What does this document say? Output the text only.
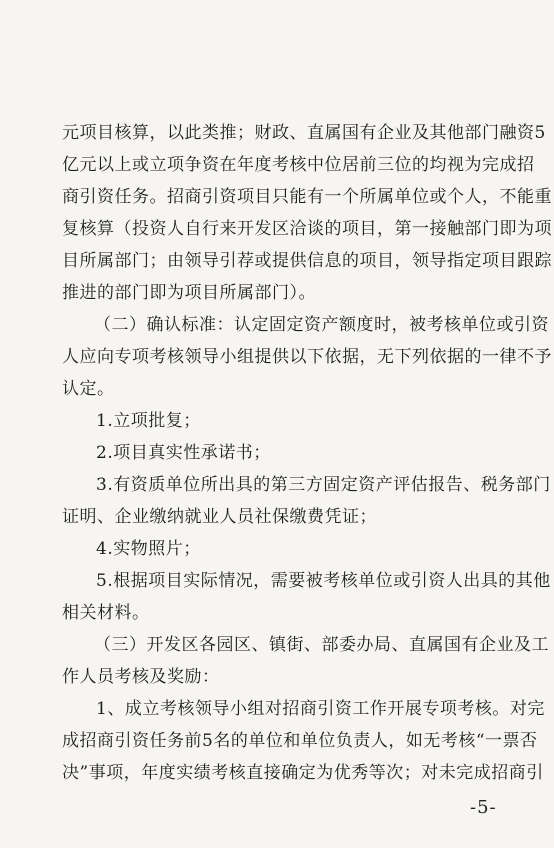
元项目核算，以此类推；财政、直属国有企业及其他部门融资5
亿元以上或立项争资在年度考核中位居前三位的均视为完成招
商引资任务。招商引资项目只能有一个所属单位或个人，不能重
复核算（投资人自行来开发区洽谈的项目，第一接触部门即为项
目所属部门；由领导引荐或提供信息的项目，领导指定项目跟踪
推进的部门即为项目所属部门）。
（二）确认标准：认定固定资产额度时，被考核单位或引资
人应向专项考核领导小组提供以下依据，无下列依据的一律不予
认定。
1.立项批复；
2.项目真实性承诺书；
3.有资质单位所出具的第三方固定资产评估报告、税务部门
证明、企业缴纳就业人员社保缴费凭证；
4.实物照片；
5.根据项目实际情况，需要被考核单位或引资人出具的其他
相关材料。
（三）开发区各园区、镇街、部委办局、直属国有企业及工
作人员考核及奖励：
1、成立考核领导小组对招商引资工作开展专项考核。对完
成招商引资任务前5名的单位和单位负责人，如无考核“一票否
决”事项，年度实绩考核直接确定为优秀等次；对未完成招商引
-5-
